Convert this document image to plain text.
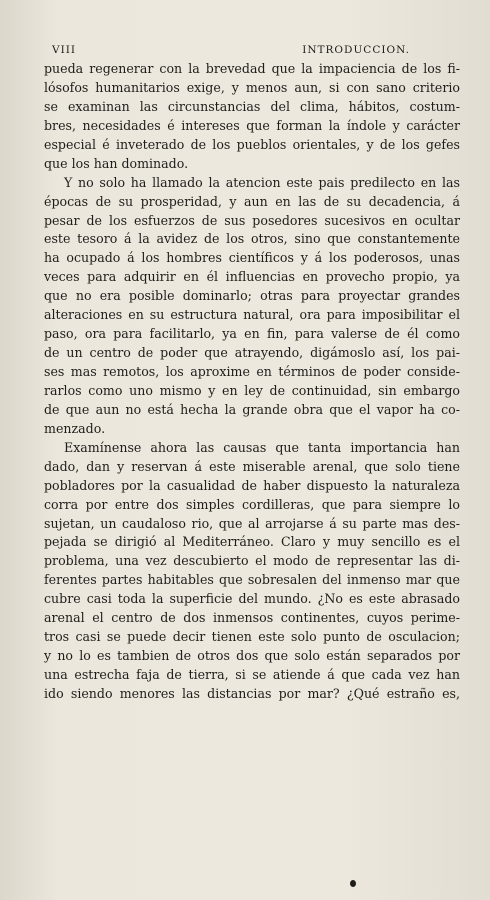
VIII	INTRODUCCION.
pueda regenerar con la brevedad que la impaciencia de los fi-
lósofos humanitarios exige, y menos aun, si con sano criterio
se examinan las circunstancias del clima, hábitos, costum-
bres, necesidades é intereses que forman la índole y carácter
especial é inveterado de los pueblos orientales, y de los gefes
que los han dominado.
Y no solo ha llamado la atencion este pais predilecto en las
épocas de su prosperidad, y aun en las de su decadencia, á
pesar de los esfuerzos de sus posedores sucesivos en ocultar
este tesoro á la avidez de los otros, sino que constantemente
ha ocupado á los hombres científicos y á los poderosos, unas
veces para adquirir en él influencias en provecho propio, ya
que no era posible dominarlo; otras para proyectar grandes
alteraciones en su estructura natural, ora para imposibilitar el
paso, ora para facilitarlo, ya en fin, para valerse de él como
de un centro de poder que atrayendo, digámoslo así, los pai-
ses mas remotos, los aproxime en términos de poder conside-
rarlos como uno mismo y en ley de continuidad, sin embargo
de que aun no está hecha la grande obra que el vapor ha co-
menzado.
Examínense ahora las causas que tanta importancia han
dado, dan y reservan á este miserable arenal, que solo tiene
pobladores por la casualidad de haber dispuesto la naturaleza
corra por entre dos simples cordilleras, que para siempre lo
sujetan, un caudaloso rio, que al arrojarse á su parte mas des-
pejada se dirigió al Mediterráneo. Claro y muy sencillo es el
problema, una vez descubierto el modo de representar las di-
ferentes partes habitables que sobresalen del inmenso mar que
cubre casi toda la superficie del mundo. ¿No es este abrasado
arenal el centro de dos inmensos continentes, cuyos perime-
tros casi se puede decir tienen este solo punto de osculacion;
y no lo es tambien de otros dos que solo están separados por
una estrecha faja de tierra, si se atiende á que cada vez han
ido siendo menores las distancias por mar? ¿Qué estraño es,
